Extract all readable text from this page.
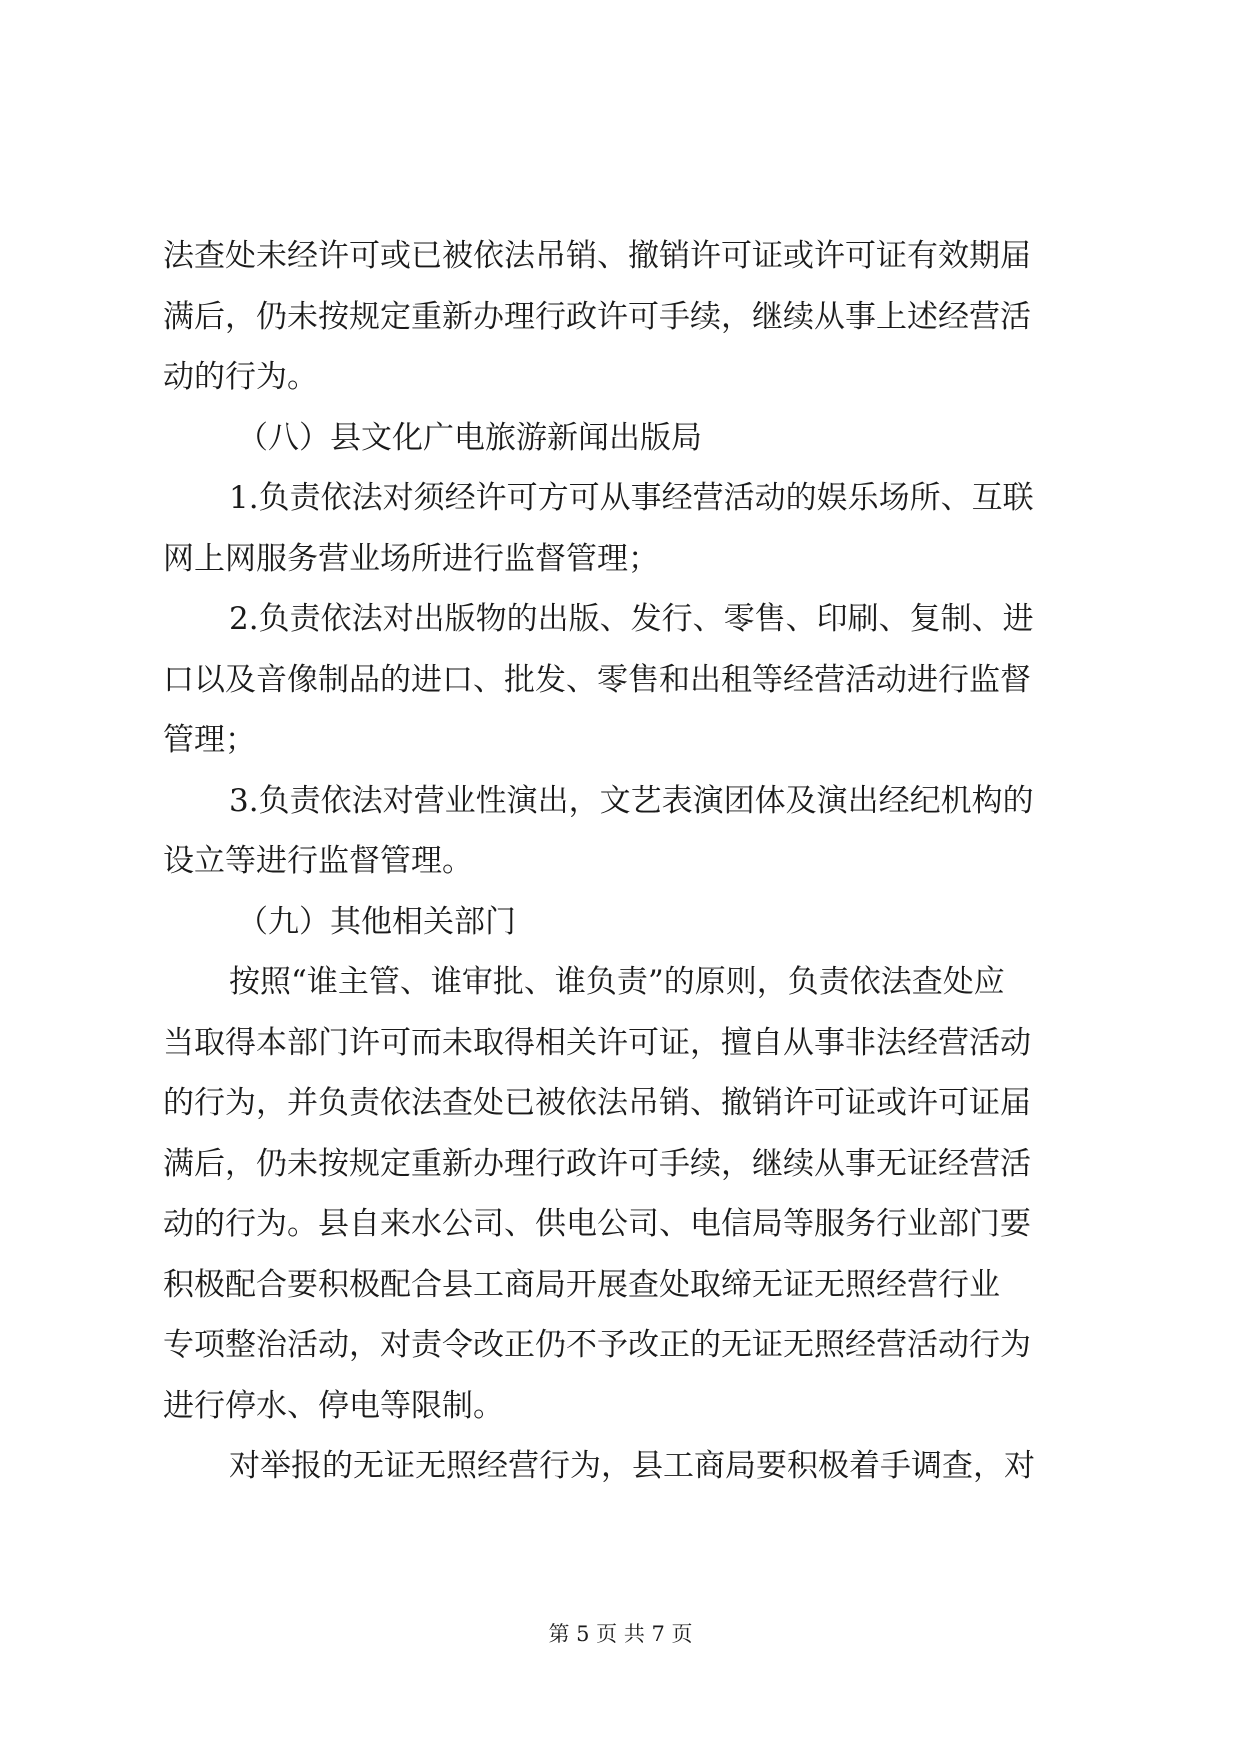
法查处未经许可或已被依法吊销、撤销许可证或许可证有效期届
满后，仍未按规定重新办理行政许可手续，继续从事上述经营活
动的行为。
（八）县文化广电旅游新闻出版局
1.负责依法对须经许可方可从事经营活动的娱乐场所、互联
网上网服务营业场所进行监督管理；
2.负责依法对出版物的出版、发行、零售、印刷、复制、进
口以及音像制品的进口、批发、零售和出租等经营活动进行监督
管理；
3.负责依法对营业性演出，文艺表演团体及演出经纪机构的
设立等进行监督管理。
（九）其他相关部门
按照“谁主管、谁审批、谁负责”的原则，负责依法查处应
当取得本部门许可而未取得相关许可证，擅自从事非法经营活动
的行为，并负责依法查处已被依法吊销、撤销许可证或许可证届
满后，仍未按规定重新办理行政许可手续，继续从事无证经营活
动的行为。县自来水公司、供电公司、电信局等服务行业部门要
积极配合要积极配合县工商局开展查处取缔无证无照经营行业
专项整治活动，对责令改正仍不予改正的无证无照经营活动行为
进行停水、停电等限制。
对举报的无证无照经营行为，县工商局要积极着手调查，对
第 5 页 共 7 页
